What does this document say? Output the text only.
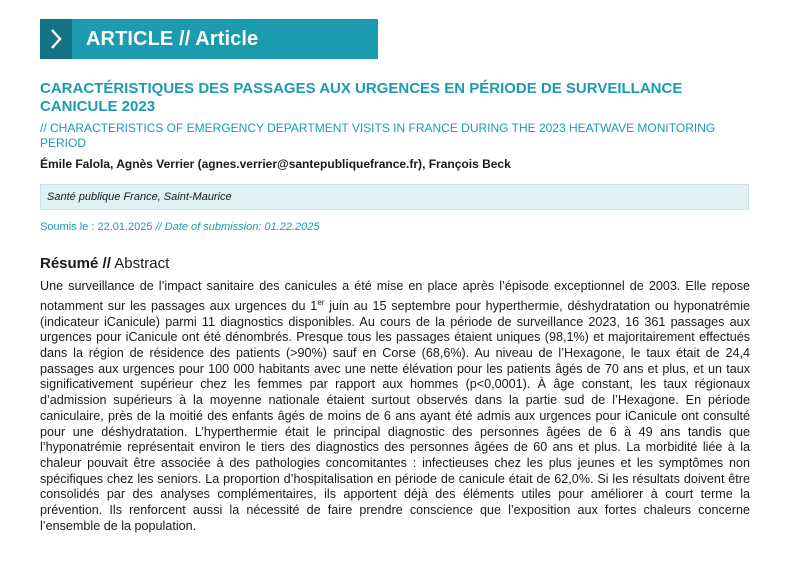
ARTICLE // Article
CARACTÉRISTIQUES DES PASSAGES AUX URGENCES EN PÉRIODE DE SURVEILLANCE CANICULE 2023
// CHARACTERISTICS OF EMERGENCY DEPARTMENT VISITS IN FRANCE DURING THE 2023 HEATWAVE MONITORING PERIOD
Émile Falola, Agnès Verrier (agnes.verrier@santepubliquefrance.fr), François Beck
Santé publique France, Saint-Maurice
Soumis le : 22.01.2025 // Date of submission: 01.22.2025
Résumé // Abstract
Une surveillance de l’impact sanitaire des canicules a été mise en place après l’épisode exceptionnel de 2003. Elle repose notamment sur les passages aux urgences du 1er juin au 15 septembre pour hyperthermie, déshydratation ou hyponatrémie (indicateur iCanicule) parmi 11 diagnostics disponibles. Au cours de la période de surveillance 2023, 16 361 passages aux urgences pour iCanicule ont été dénombrés. Presque tous les passages étaient uniques (98,1%) et majoritairement effectués dans la région de résidence des patients (>90%) sauf en Corse (68,6%). Au niveau de l’Hexagone, le taux était de 24,4 passages aux urgences pour 100 000 habitants avec une nette élévation pour les patients âgés de 70 ans et plus, et un taux significativement supérieur chez les femmes par rapport aux hommes (p<0,0001). À âge constant, les taux régionaux d’admission supérieurs à la moyenne nationale étaient surtout observés dans la partie sud de l’Hexagone. En période caniculaire, près de la moitié des enfants âgés de moins de 6 ans ayant été admis aux urgences pour iCanicule ont consulté pour une déshydratation. L’hyperthermie était le principal diagnostic des personnes âgées de 6 à 49 ans tandis que l’hyponatrémie représentait environ le tiers des diagnostics des personnes âgées de 60 ans et plus. La morbidité liée à la chaleur pouvait être associée à des pathologies concomitantes : infectieuses chez les plus jeunes et les symptômes non spécifiques chez les seniors. La proportion d’hospitalisation en période de canicule était de 62,0%. Si les résultats doivent être consolidés par des analyses complémentaires, ils apportent déjà des éléments utiles pour améliorer à court terme la prévention. Ils renforcent aussi la nécessité de faire prendre conscience que l’exposition aux fortes chaleurs concerne l’ensemble de la population.
